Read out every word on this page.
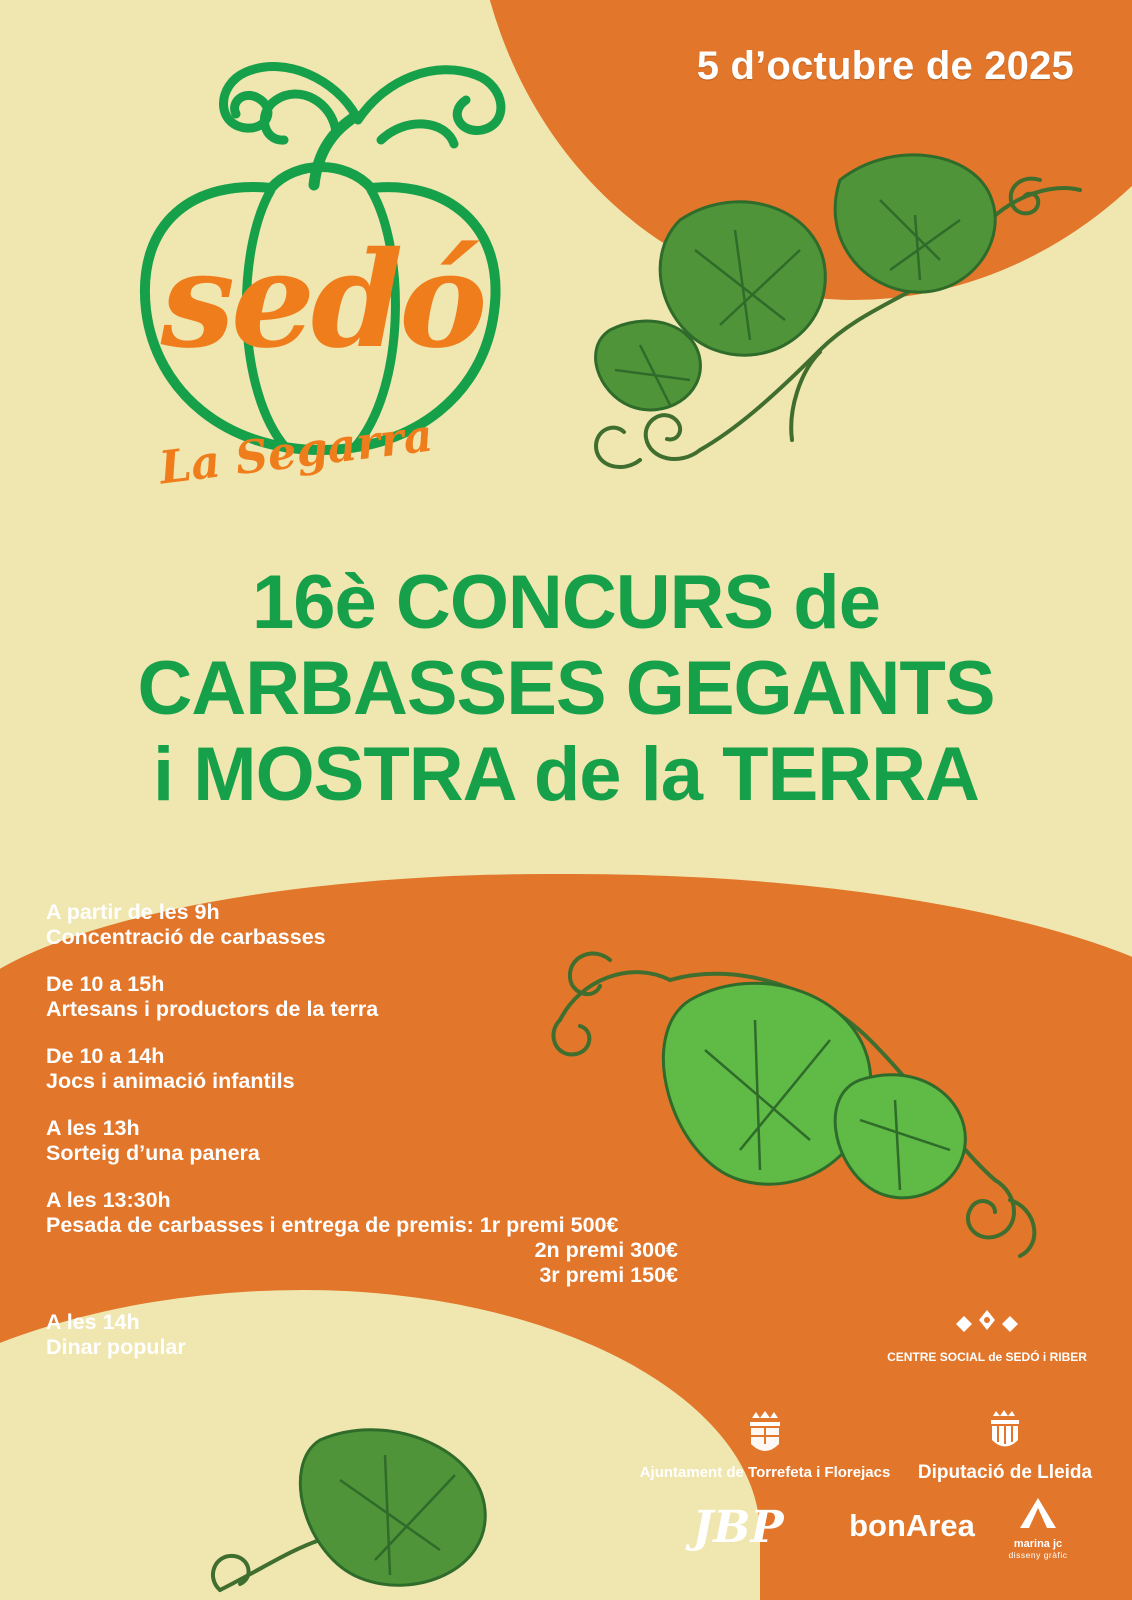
5 d’octubre de 2025
sedó
La Segarra
16è CONCURS de
CARBASSES GEGANTS
i MOSTRA de la TERRA
A partir de les 9h
Concentració de carbasses
De 10 a 15h
Artesans i productors de la terra
De 10 a 14h
Jocs i animació infantils
A les 13h
Sorteig d’una panera
A les 13:30h
Pesada de carbasses i entrega de premis: 1r premi 500€
2n premi 300€
3r premi 150€
A les 14h
Dinar popular	CENTRE SOCIAL de SEDÓ i RIBER
Ajuntament de Torrefeta i Florejacs	Diputació de Lleida
JBP	bonArea
marina jc
disseny gràfic
